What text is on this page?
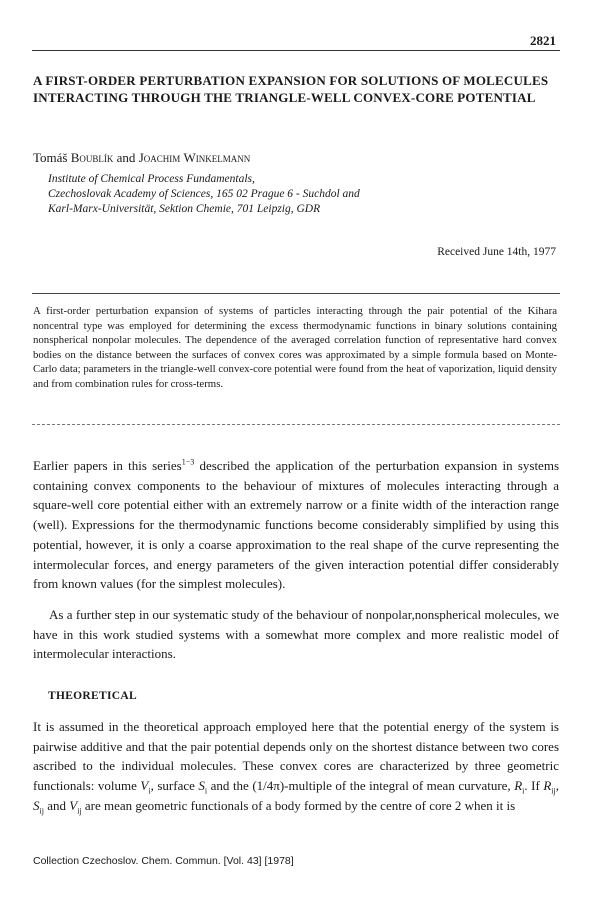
2821
A FIRST-ORDER PERTURBATION EXPANSION FOR SOLUTIONS OF MOLECULES INTERACTING THROUGH THE TRIANGLE-WELL CONVEX-CORE POTENTIAL
Tomáš Boublík and Joachim Winkelmann
Institute of Chemical Process Fundamentals,
Czechoslovak Academy of Sciences, 165 02 Prague 6 - Suchdol and
Karl-Marx-Universität, Sektion Chemie, 701 Leipzig, GDR
Received June 14th, 1977
A first-order perturbation expansion of systems of particles interacting through the pair potential of the Kihara noncentral type was employed for determining the excess thermodynamic functions in binary solutions containing nonspherical nonpolar molecules. The dependence of the averaged correlation function of representative hard convex bodies on the distance between the surfaces of convex cores was approximated by a simple formula based on Monte-Carlo data; parameters in the triangle-well convex-core potential were found from the heat of vaporization, liquid density and from combination rules for cross-terms.
Earlier papers in this series$^{1-3}$ described the application of the perturbation expansion in systems containing convex components to the behaviour of mixtures of molecules interacting through a square-well core potential either with an extremely narrow or a finite width of the interaction range (well). Expressions for the thermodynamic functions become considerably simplified by using this potential, however, it is only a coarse approximation to the real shape of the curve representing the intermolecular forces, and energy parameters of the given interaction potential differ considerably from known values (for the simplest molecules).
As a further step in our systematic study of the behaviour of nonpolar,nonspherical molecules, we have in this work studied systems with a somewhat more complex and more realistic model of intermolecular interactions.
THEORETICAL
It is assumed in the theoretical approach employed here that the potential energy of the system is pairwise additive and that the pair potential depends only on the shortest distance between two cores ascribed to the individual molecules. These convex cores are characterized by three geometric functionals: volume $V_i$, surface $S_i$ and the (1/4π)-multiple of the integral of mean curvature, $R_i$. If $R_{ij}$, $S_{ij}$ and $V_{ij}$ are mean geometric functionals of a body formed by the centre of core 2 when it is
Collection Czechoslov. Chem. Commun. [Vol. 43] [1978]
